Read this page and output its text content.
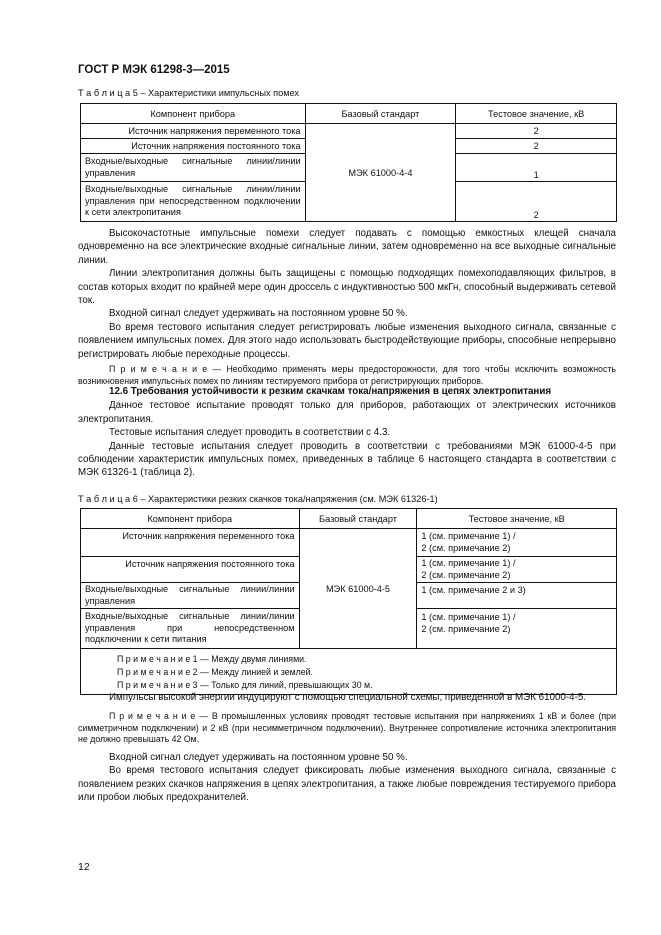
ГОСТ Р МЭК 61298-3—2015
Т а б л и ц а 5 – Характеристики импульсных помех
Компонент прибора	Базовый стандарт	Тестовое значение, кВ
Источник напряжения переменного тока	МЭК 61000-4-4	2
Источник напряжения постоянного тока		2
Входные/выходные сигнальные линии/линии управления		1
Входные/выходные сигнальные линии/линии управления при непосредственном подключении к сети электропитания		2
Высокочастотные импульсные помехи следует подавать с помощью емкостных клещей сначала одновременно на все электрические входные сигнальные линии, затем одновременно на все выходные сигнальные линии.
Линии электропитания должны быть защищены с помощью подходящих помехоподавляющих фильтров, в состав которых входит по крайней мере один дроссель с индуктивностью 500 мкГн, способный выдерживать сетевой ток.
Входной сигнал следует удерживать на постоянном уровне 50 %.
Во время тестового испытания следует регистрировать любые изменения выходного сигнала, связанные с появлением импульсных помех. Для этого надо использовать быстродействующие приборы, способные непрерывно регистрировать любые переходные процессы.
П р и м е ч а н и е — Необходимо применять меры предосторожности, для того чтобы исключить возможность возникновения импульсных помех по линиям тестируемого прибора от регистрирующих приборов.
12.6 Требования устойчивости к резким скачкам тока/напряжения в цепях электропитания
Данное тестовое испытание проводят только для приборов, работающих от электрических источников электропитания.
Тестовые испытания следует проводить в соответствии с 4.3.
Данные тестовые испытания следует проводить в соответствии с требованиями МЭК 61000-4-5 при соблюдении характеристик импульсных помех, приведенных в таблице 6 настоящего стандарта в соответствии с МЭК 61326-1 (таблица 2).
Т а б л и ц а 6 – Характеристики резких скачков тока/напряжения (см. МЭК 61326-1)
Компонент прибора	Базовый стандарт	Тестовое значение, кВ
Источник напряжения переменного тока	МЭК 61000-4-5	1 (см. примечание 1) /
2 (см. примечание 2)

Источник напряжения постоянного тока		1 (см. примечание 1) /
2 (см. примечание 2)

Входные/выходные сигнальные линии/линии управления		1 (см. примечание 2 и 3)

Входные/выходные сигнальные линии/линии управления при непосредственном подключении к сети питания		1 (см. примечание 1) /
2 (см. примечание 2)

П р и м е ч а н и е 1 — Между двумя линиями.
П р и м е ч а н и е 2 — Между линией и землей.
П р и м е ч а н и е 3 — Только для линий, превышающих 30 м.		
Импульсы высокой энергии индуцируют с помощью специальной схемы, приведенной в МЭК 61000-4-5.
П р и м е ч а н и е — В промышленных условиях проводят тестовые испытания при напряжениях 1 кВ и более (при симметричном подключении) и 2 кВ (при несимметричном подключении). Внутреннее сопротивление источника электропитания не должно превышать 42 Ом.
Входной сигнал следует удерживать на постоянном уровне 50 %.
Во время тестового испытания следует фиксировать любые изменения выходного сигнала, связанные с появлением резких скачков напряжения в цепях электропитания, а также любые повреждения тестируемого прибора или пробои любых предохранителей.
12
